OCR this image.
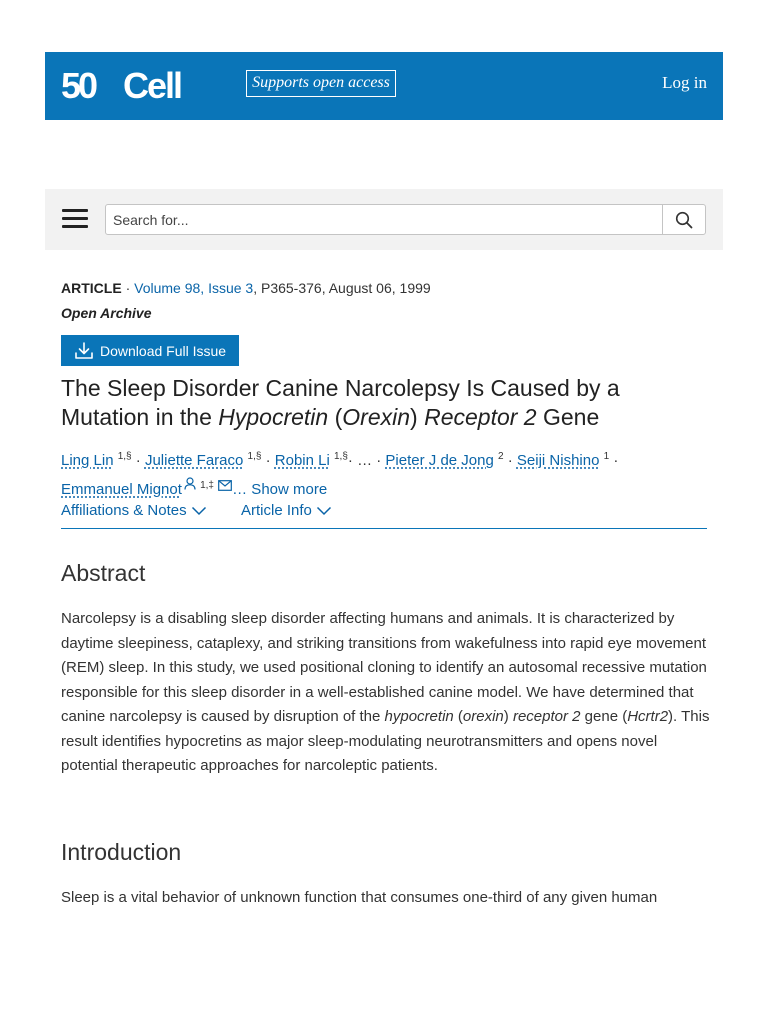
50 Cell	Supports open access	Log in
Search for...
ARTICLE · Volume 98, Issue 3, P365-376, August 06, 1999
Open Archive
Download Full Issue
The Sleep Disorder Canine Narcolepsy Is Caused by a Mutation in the Hypocretin (Orexin) Receptor 2 Gene
Ling Lin $^{1,\S}$ · Juliette Faraco $^{1,\S}$ · Robin Li $^{1,\S}$· … · Pieter J de Jong $^2$ · Seiji Nishino $^1$ ·
Emmanuel Mignot $^{1,\ddagger}$ … Show more
Affiliations & Notes	Article Info
Abstract

Narcolepsy is a disabling sleep disorder affecting humans and animals. It is characterized by daytime sleepiness, cataplexy, and striking transitions from wakefulness into rapid eye movement (REM) sleep. In this study, we used positional cloning to identify an autosomal recessive mutation responsible for this sleep disorder in a well-established canine model. We have determined that canine narcolepsy is caused by disruption of the hypocretin (orexin) receptor 2 gene (Hcrtr2). This result identifies hypocretins as major sleep-modulating neurotransmitters and opens novel potential therapeutic approaches for narcoleptic patients.

Introduction

Sleep is a vital behavior of unknown function that consumes one-third of any given human
